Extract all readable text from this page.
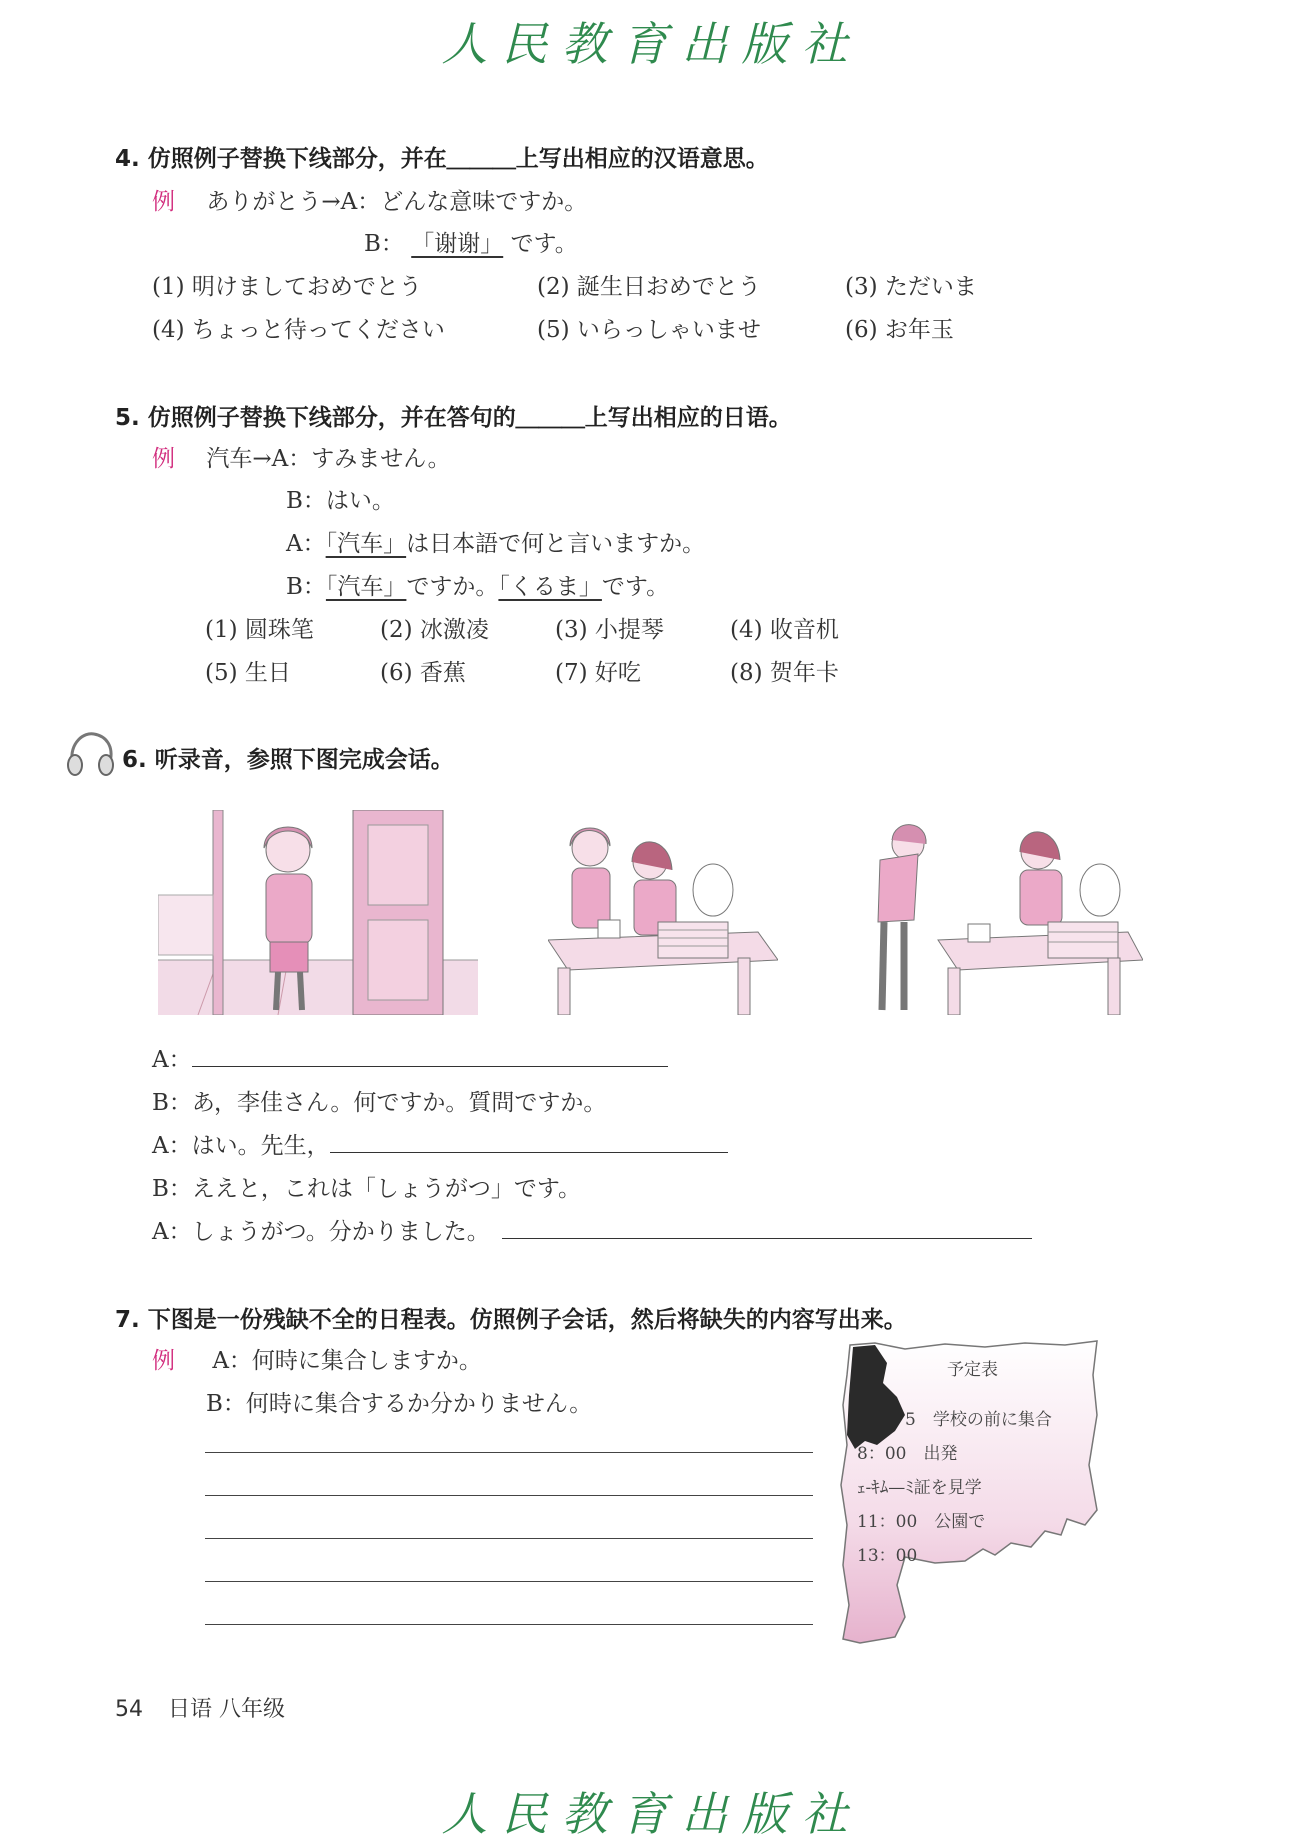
人民教育出版社
4. 仿照例子替换下线部分，并在＿＿＿上写出相应的汉语意思。
例 ありがとう→A：どんな意味ですか。
B： 「谢谢」 です。
(1) 明けましておめでとう	(2) 誕生日おめでとう	(3) ただいま
(4) ちょっと待ってください	(5) いらっしゃいませ	(6) お年玉
5. 仿照例子替换下线部分，并在答句的＿＿＿上写出相应的日语。
例 汽车→A：すみません。
B：はい。
A：「汽车」は日本語で何と言いますか。
B：「汽车」ですか。「くるま」です。
(1) 圆珠笔	(2) 冰激凌	(3) 小提琴	(4) 收音机
(5) 生日	(6) 香蕉	(7) 好吃	(8) 贺年卡
6. 听录音，参照下图完成会话。
A：
B：あ，李佳さん。何ですか。質問ですか。
A：はい。先生，
B：ええと，これは「しょうがつ」です。
A：しょうがつ。分かりました。
7. 下图是一份残缺不全的日程表。仿照例子会话，然后将缺失的内容写出来。
例 A：何時に集合しますか。
B：何時に集合するか分かりません。
予定表
5　学校の前に集合
8：00　出発
ｪ-ｷﾑ—ﾐ証を見学
11：00　公園で
13：00
54 日语 八年级
人民教育出版社
